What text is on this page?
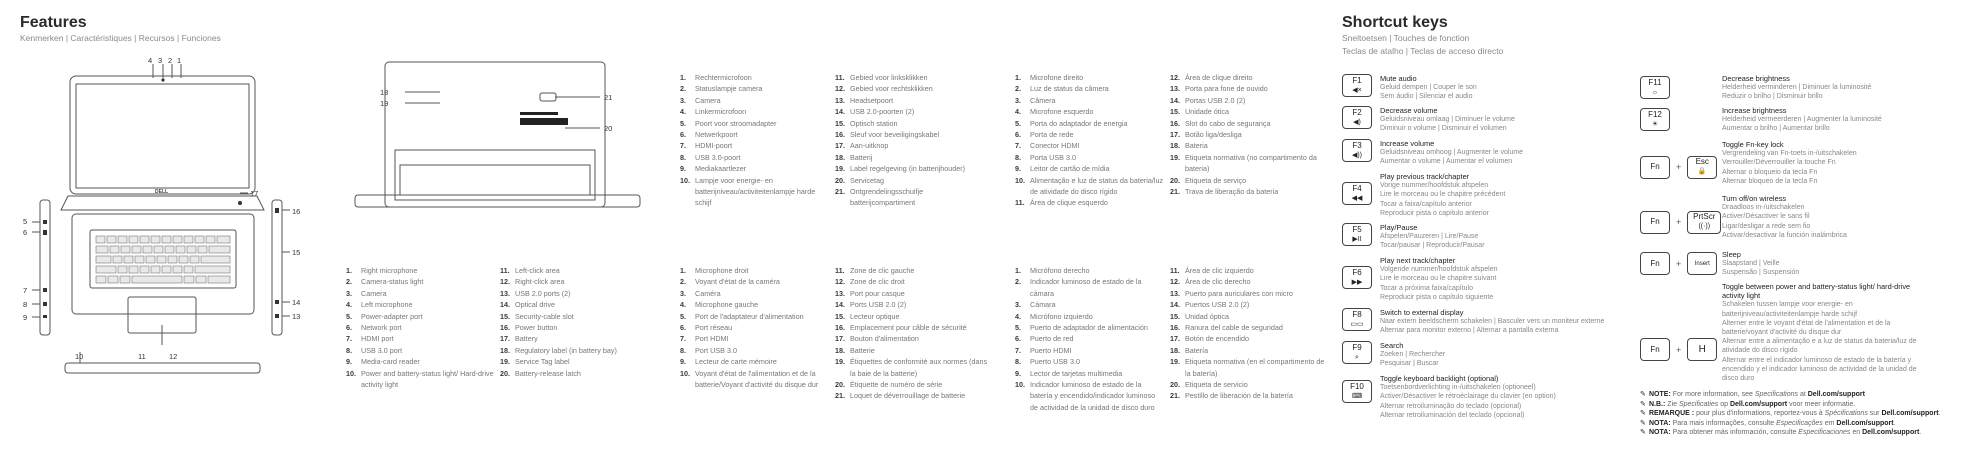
Features
Kenmerken | Caractéristiques | Recursos | Funciones
Shortcut keys
Sneltoetsen | Touches de fonction
Teclas de atalho | Teclas de acceso directo
4 3 2 1
5
6
7
8
9
10	11	12
13
14
15
16
17
18
19
20
21
DELL
1.	Right microphone
2.	Camera-status light
3.	Camera
4.	Left microphone
5.	Power-adapter port
6.	Network port
7.	HDMI port
8.	USB 3.0 port
9.	Media-card reader
10. Power and battery-status light/ Hard-drive activity light
11. Left-click area
12. Right-click area
13. USB 2.0 ports (2)
14. Optical drive
15. Security-cable slot
16. Power button
17. Battery
18. Regulatory label (in battery bay)
19. Service Tag label
20. Battery-release latch
1.	Rechtermicrofoon
2.	Statuslampje camera
3.	Camera
4.	Linkermicrofoon
5.	Poort voor stroomadapter
6.	Netwerkpoort
7.	HDMI-poort
8.	USB 3.0-poort
9.	Mediakaartlezer
10. Lampje voor energie- en batterijniveau/activiteitenlampje harde schijf
11. Gebied voor linksklikken
12. Gebied voor rechtsklikken
13. Headsetpoort
14. USB 2.0-poorten (2)
15. Optisch station
16. Sleuf voor beveiligingskabel
17. Aan-uitknop
18. Batterij
19. Label regelgeving (in batterijhouder)
20. Servicetag
21. Ontgrendelingsschuifje batterijcompartiment
1.	Microphone droit
2.	Voyant d'état de la caméra
3.	Caméra
4.	Microphone gauche
5.	Port de l'adaptateur d'alimentation
6.	Port réseau
7.	Port HDMI
8.	Port USB 3.0
9.	Lecteur de carte mémoire
10. Voyant d'état de l'alimentation et de la batterie/Voyant d'activité du disque dur
11. Zone de clic gauche
12. Zone de clic droit
13. Port pour casque
14. Ports USB 2.0 (2)
15. Lecteur optique
16. Emplacement pour câble de sécurité
17. Bouton d'alimentation
18. Batterie
19. Étiquettes de conformité aux normes (dans la baie de la batterie)
20. Étiquette de numéro de série
21. Loquet de déverrouillage de batterie
1.	Microfone direito
2.	Luz de status da câmera
3.	Câmera
4.	Microfone esquerdo
5.	Porta do adaptador de energia
6.	Porta de rede
7.	Conector HDMI
8.	Porta USB 3.0
9.	Leitor de cartão de mídia
10. Alimentação e luz de status da bateria/luz de atividade do disco rígido
11. Área de clique esquerdo
12. Área de clique direito
13. Porta para fone de ouvido
14. Portas USB 2.0 (2)
15. Unidade ótica
16. Slot do cabo de segurança
17. Botão liga/desliga
18. Bateria
19. Etiqueta normativa (no compartimento da bateria)
20. Etiqueta de serviço
21. Trava de liberação da bateria
1.	Micrófono derecho
2.	Indicador luminoso de estado de la cámara
3.	Cámara
4.	Micrófono izquierdo
5.	Puerto de adaptador de alimentación
6.	Puerto de red
7.	Puerto HDMI
8.	Puerto USB 3.0
9.	Lector de tarjetas multimedia
10. Indicador luminoso de estado de la batería y encendido/indicador luminoso de actividad de la unidad de disco duro
11. Área de clic izquierdo
12. Área de clic derecho
13. Puerto para auriculares con micro
14. Puertos USB 2.0 (2)
15. Unidad óptica
16. Ranura del cable de seguridad
17. Botón de encendido
18. Batería
19. Etiqueta normativa (en el compartimento de la batería)
20. Etiqueta de servicio
21. Pestillo de liberación de la batería
F1
◀×
Mute audio
Geluid dempen | Couper le son
Sem áudio | Silenciar el audio
F2
◀)
Decrease volume
Geluidsniveau omlaag | Diminuer le volume
Diminuir o volume | Disminuir el volumen
F3
◀))
Increase volume
Geluidsniveau omhoog | Augmenter le volume
Aumentar o volume | Aumentar el volumen
F4
◀◀
Play previous track/chapter
Vorige nummer/hoofdstuk afspelen
Lire le morceau ou le chapitre précédent
Tocar a faixa/capítulo anterior
Reproducir pista o capítulo anterior
F5
▶II
Play/Pause
Afspelen/Pauzeren | Lire/Pause
Tocar/pausar | Reproducir/Pausar
F6
▶▶
Play next track/chapter
Volgende nummer/hoofdstuk afspelen
Lire le morceau ou le chapitre suivant
Tocar a próxima faixa/capítulo
Reproducir pista o capítulo siguiente
F8
▭▭
Switch to external display
Naar extern beeldscherm schakelen | Basculer vers un moniteur externe
Alternar para monitor externo | Alternar a pantalla externa
F9
⌕
Search
Zoeken | Rechercher
Pesquisar | Buscar
F10
⌨
Toggle keyboard backlight (optional)
Toetsenbordverlichting in-/uitschakelen (optioneel)
Activer/Désactiver le rétroéclairage du clavier (en option)
Alternar retroiluminação do teclado (opcional)
Alternar retroiluminación del teclado (opcional)
F11
☼
Decrease brightness
Helderheid verminderen | Diminuer la luminosité
Reduzir o brilho | Disminuir brillo
F12
☀
Increase brightness
Helderheid vermeerderen | Augmenter la luminosité
Aumentar o brilho | Aumentar brillo
Fn +
Esc
🔒
Toggle Fn-key lock
Vergrendeling van Fn-toets in-/uitschakelen
Verrouiller/Déverrouiller la touche Fn
Alternar o bloqueio da tecla Fn
Alternar bloqueo de la tecla Fn
Fn +
PrtScr
((·))
Turn off/on wireless
Draadloos in-/uitschakelen
Activer/Désactiver le sans fil
Ligar/desligar a rede sem fio
Activar/desactivar la función inalámbrica
Fn + Insert
Sleep
Slaapstand | Veille
Suspensão | Suspensión
Fn + H
Toggle between power and battery-status light/ hard-drive activity light
Schakelen tussen lampje voor energie- en batterijniveau/activiteitenlampje harde schijf
Alterner entre le voyant d'état de l'alimentation et de la batterie/voyant d'activité du disque dur
Alternar entre a alimentação e a luz de status da bateria/luz de atividade do disco rígido
Alternar entre el indicador luminoso de estado de la batería y encendido y el indicador luminoso de actividad de la unidad de disco duro
✎ NOTE: For more information, see Specifications at Dell.com/support
✎ N.B.: Zie Specificaties op Dell.com/support voor meer informatie.
✎ REMARQUE : pour plus d'informations, reportez-vous à Spécifications sur Dell.com/support.
✎ NOTA: Para mais informações, consulte Especificações em Dell.com/support.
✎ NOTA: Para obtener más información, consulte Especificaciones en Dell.com/support.
